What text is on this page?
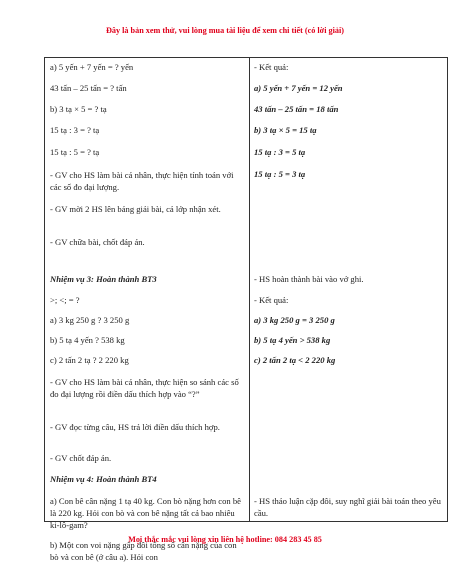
Đây là bản xem thử, vui lòng mua tài liệu để xem chi tiết (có lời giải)
a) 5 yến + 7 yến = ? yến
43 tấn – 25 tấn = ? tấn
b) 3 tạ × 5 = ? tạ
15 tạ : 3 = ? tạ
15 tạ : 5 = ? tạ
- GV cho HS làm bài cá nhân, thực hiện tính toán với các số đo đại lượng.
- GV mời 2 HS lên bảng giải bài, cả lớp nhận xét.
- GV chữa bài, chốt đáp án.
Nhiệm vụ 3: Hoàn thành BT3
>; <; = ?
a) 3 kg 250 g ? 3 250 g
b) 5 tạ 4 yến ? 538 kg
c) 2 tấn 2 tạ ? 2 220 kg
- GV cho HS làm bài cá nhân, thực hiện so sánh các số đo đại lượng rồi điền dấu thích hợp vào “?”
- GV đọc từng câu, HS trả lời điền dấu thích hợp.
- GV chốt đáp án.
Nhiệm vụ 4: Hoàn thành BT4
a) Con bê cân nặng 1 tạ 40 kg. Con bò nặng hơn con bê là 220 kg. Hỏi con bò và con bê nặng tất cả bao nhiêu ki-lô-gam?
b) Một con voi nặng gấp đôi tổng số cân nặng của con bò và con bê (ở câu a). Hỏi con
- Kết quả:
a) 5 yến + 7 yến = 12 yến
43 tấn – 25 tấn = 18 tấn
b) 3 tạ × 5 = 15 tạ
15 tạ : 3 = 5 tạ
15 tạ : 5 = 3 tạ
- HS hoàn thành bài vào vở ghi.
- Kết quả:
a) 3 kg 250 g = 3 250 g
b) 5 tạ 4 yến > 538 kg
c) 2 tấn 2 tạ < 2 220 kg
- HS thảo luận cặp đôi, suy nghĩ giải bài toán theo yêu cầu.
Mọi thắc mắc vui lòng xin liên hệ hotline: 084 283 45 85
